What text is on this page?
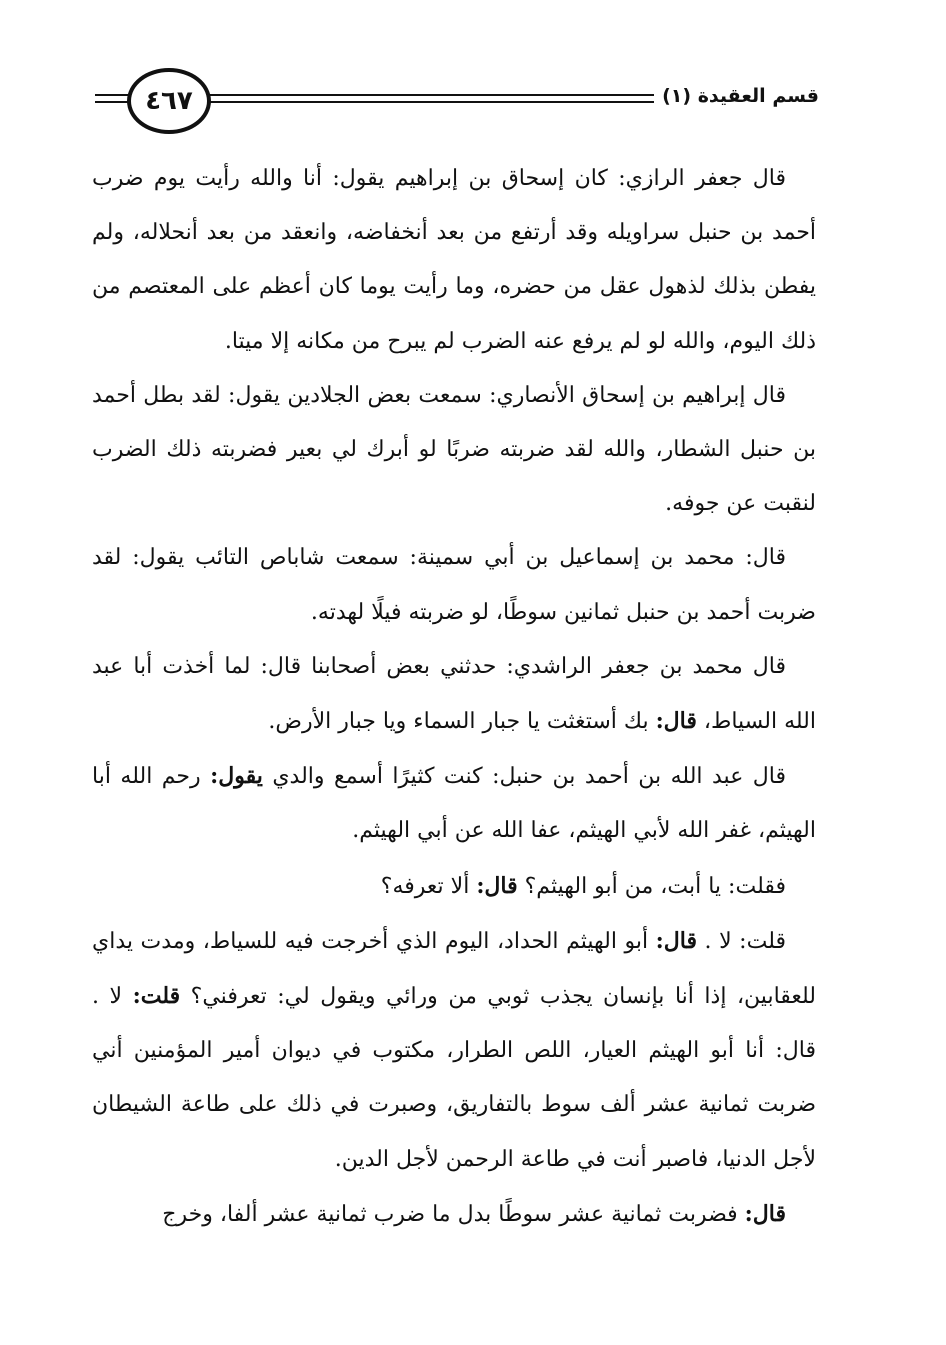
قسم العقيدة (١)
٤٦٧

قال جعفر الرازي: كان إسحاق بن إبراهيم يقول: أنا والله رأيت يوم ضرب أحمد بن حنبل سراويله وقد أرتفع من بعد أنخفاضه، وانعقد من بعد أنحلاله، ولم يفطن بذلك لذهول عقل من حضره، وما رأيت يوما كان أعظم على المعتصم من ذلك اليوم، والله لو لم يرفع عنه الضرب لم يبرح من مكانه إلا ميتا.

قال إبراهيم بن إسحاق الأنصاري: سمعت بعض الجلادين يقول: لقد بطل أحمد بن حنبل الشطار، والله لقد ضربته ضربًا لو أبرك لي بعير فضربته ذلك الضرب لنقبت عن جوفه.

قال: محمد بن إسماعيل بن أبي سمينة: سمعت شاباص التائب يقول: لقد ضربت أحمد بن حنبل ثمانين سوطًا، لو ضربته فيلًا لهدته.

قال محمد بن جعفر الراشدي: حدثني بعض أصحابنا قال: لما أخذت أبا عبد الله السياط، قال: بك أستغثت يا جبار السماء ويا جبار الأرض.

قال عبد الله بن أحمد بن حنبل: كنت كثيرًا أسمع والدي يقول: رحم الله أبا الهيثم، غفر الله لأبي الهيثم، عفا الله عن أبي الهيثم.

فقلت: يا أبت، من أبو الهيثم؟ قال: ألا تعرفه؟

قلت: لا . قال: أبو الهيثم الحداد، اليوم الذي أخرجت فيه للسياط، ومدت يداي للعقابين، إذا أنا بإنسان يجذب ثوبي من ورائي ويقول لي: تعرفني؟ قلت: لا . قال: أنا أبو الهيثم العيار، اللص الطرار، مكتوب في ديوان أمير المؤمنين أني ضربت ثمانية عشر ألف سوط بالتفاريق، وصبرت في ذلك على طاعة الشيطان لأجل الدنيا، فاصبر أنت في طاعة الرحمن لأجل الدين.

قال: فضربت ثمانية عشر سوطًا بدل ما ضرب ثمانية عشر ألفا، وخرج
